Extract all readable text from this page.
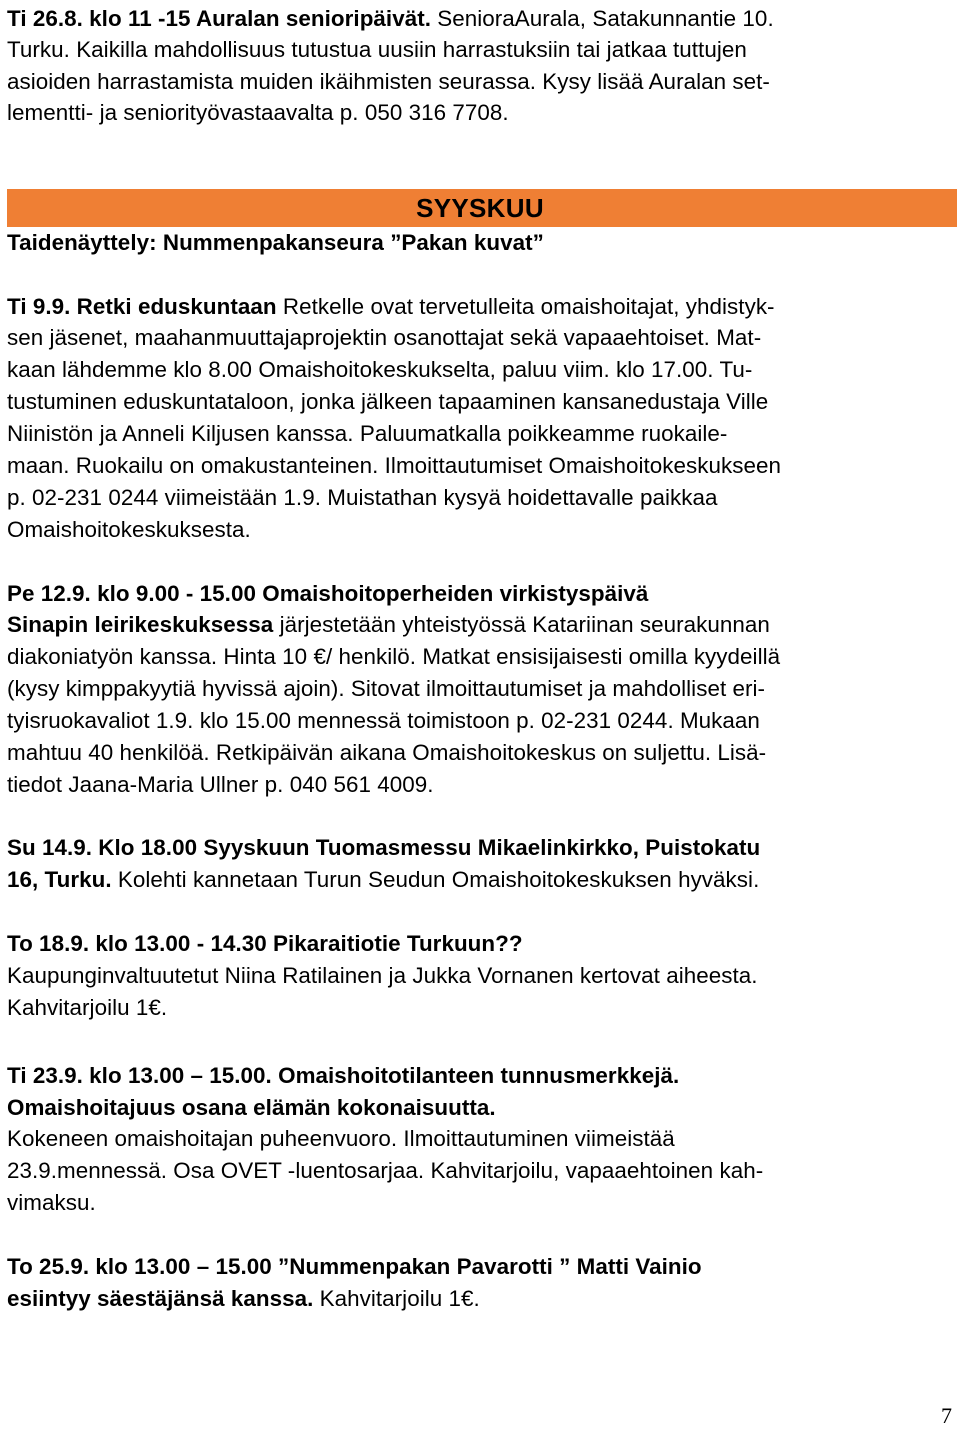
Ti 26.8. klo 11 -15 Auralan senioripäivät. SenioraAurala, Satakunnantie 10.
Turku. Kaikilla mahdollisuus tutustua uusiin harrastuksiin tai jatkaa tuttujen
asioiden harrastamista muiden ikäihmisten seurassa. Kysy lisää Auralan set-
lementti- ja seniorityövastaavalta p. 050 316 7708.
SYYSKUU
Taidenäyttely: Nummenpakanseura ”Pakan kuvat”
Ti 9.9. Retki eduskuntaan Retkelle ovat tervetulleita omaishoitajat, yhdistyk-
sen jäsenet, maahanmuuttajaprojektin osanottajat sekä vapaaehtoiset. Mat-
kaan lähdemme klo 8.00 Omaishoitokeskukselta, paluu viim. klo 17.00. Tu-
tustuminen eduskuntataloon, jonka jälkeen tapaaminen kansanedustaja Ville
Niinistön ja Anneli Kiljusen kanssa. Paluumatkalla poikkeamme ruokaile-
maan. Ruokailu on omakustanteinen. Ilmoittautumiset Omaishoitokeskukseen
p. 02-231 0244 viimeistään 1.9. Muistathan kysyä hoidettavalle paikkaa
Omaishoitokeskuksesta.
Pe 12.9. klo 9.00 - 15.00 Omaishoitoperheiden virkistyspäivä
Sinapin leirikeskuksessa järjestetään yhteistyössä Katariinan seurakunnan
diakoniatyön kanssa. Hinta 10 €/ henkilö. Matkat ensisijaisesti omilla kyydeillä
(kysy kimppakyytiä hyvissä ajoin). Sitovat ilmoittautumiset ja mahdolliset eri-
tyisruokavaliot 1.9. klo 15.00 mennessä toimistoon p. 02-231 0244. Mukaan
mahtuu 40 henkilöä. Retkipäivän aikana Omaishoitokeskus on suljettu. Lisä-
tiedot Jaana-Maria Ullner p. 040 561 4009.
Su 14.9. Klo 18.00 Syyskuun Tuomasmessu Mikaelinkirkko, Puistokatu
16, Turku. Kolehti kannetaan Turun Seudun Omaishoitokeskuksen hyväksi.
To 18.9. klo 13.00 - 14.30 Pikaraitiotie Turkuun??
Kaupunginvaltuutetut Niina Ratilainen ja Jukka Vornanen kertovat aiheesta.
Kahvitarjoilu 1€.
Ti 23.9. klo 13.00 – 15.00. Omaishoitotilanteen tunnusmerkkejä.
Omaishoitajuus osana elämän kokonaisuutta.
Kokeneen omaishoitajan puheenvuoro. Ilmoittautuminen viimeistää
23.9.mennessä. Osa OVET -luentosarjaa. Kahvitarjoilu, vapaaehtoinen kah-
vimaksu.
To 25.9. klo 13.00 – 15.00 ”Nummenpakan Pavarotti ” Matti Vainio
esiintyy säestäjänsä kanssa. Kahvitarjoilu 1€.
7
